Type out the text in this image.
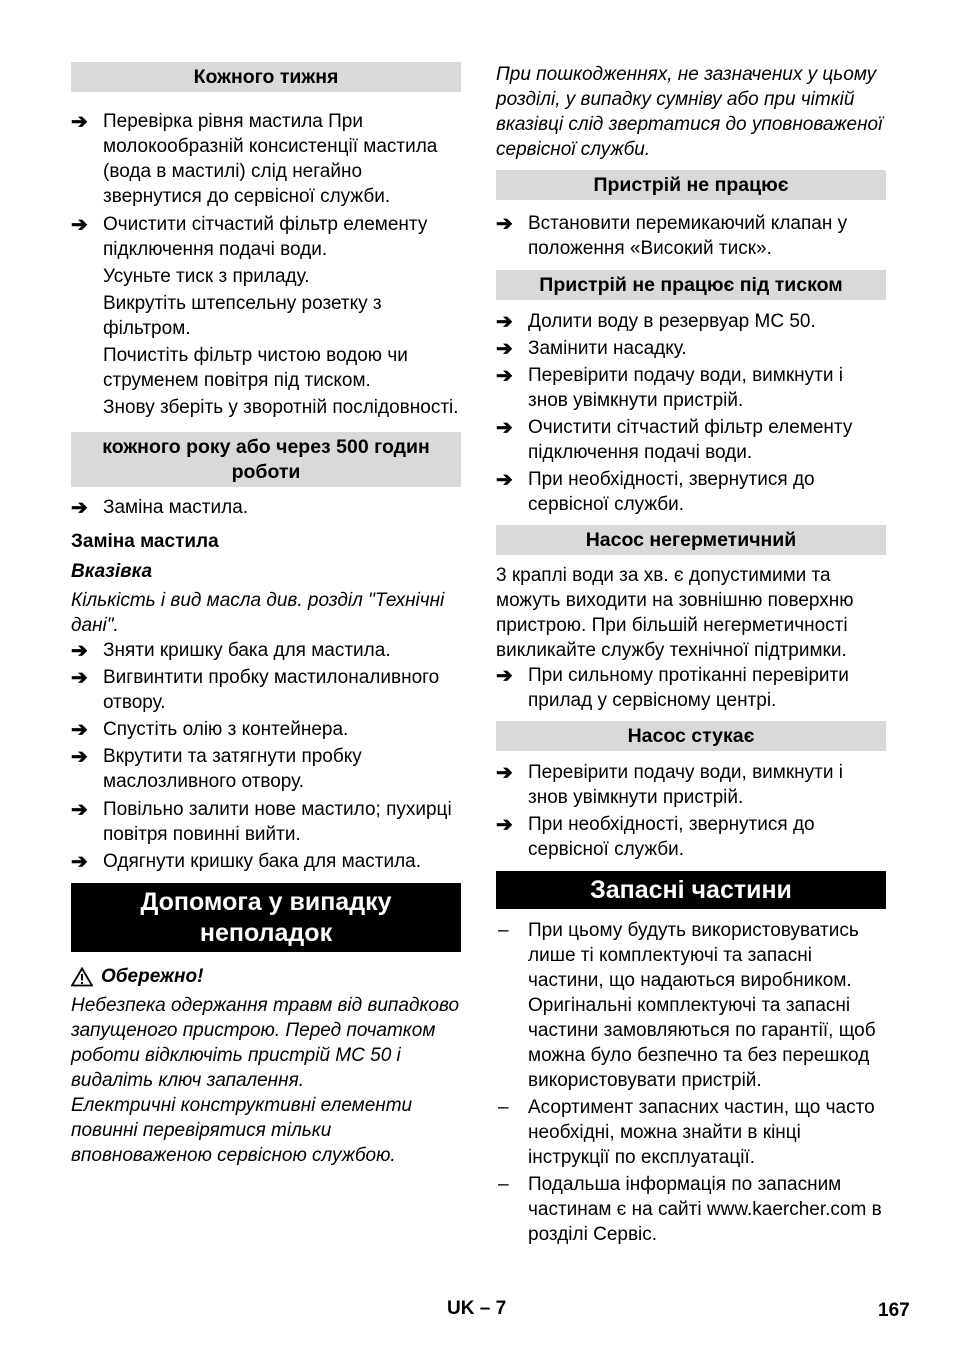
Кожного тижня
➔ Перевірка рівня мастила При молокообразній консистенції мастила (вода в мастилі) слід негайно звернутися до сервісної служби.
➔ Очистити сітчастий фільтр елементу підключення подачі води.
Усуньте тиск з приладу.
Викрутіть штепсельну розетку з фільтром.
Почистіть фільтр чистою водою чи струменем повітря під тиском.
Знову зберіть у зворотній послідовності.
кожного року або через 500 годин роботи
➔ Заміна мастила.
Заміна мастила
Вказівка
Кількість і вид масла див. розділ "Технічні дані".
➔ Зняти кришку бака для мастила.
➔ Вигвинтити пробку мастилоналивного отвору.
➔ Спустіть олію з контейнера.
➔ Вкрутити та затягнути пробку маслозливного отвору.
➔ Повільно залити нове мастило; пухирці повітря повинні вийти.
➔ Одягнути кришку бака для мастила.
Допомога у випадку неполадок
Обережно!
Небезпека одержання травм від випадково запущеного пристрою. Перед початком роботи відключіть пристрій MC 50 і видаліть ключ запалення.
Електричні конструктивні елементи повинні перевірятися тільки вповноваженою сервісною службою.
При пошкодженнях, не зазначених у цьому розділі, у випадку сумніву або при чіткій вказівці слід звертатися до уповноваженої сервісної служби.
Пристрій не працює
➔ Встановити перемикаючий клапан у положення «Високий тиск».
Пристрій не працює під тиском
➔ Долити воду в резервуар MC 50.
➔ Замінити насадку.
➔ Перевірити подачу води, вимкнути і знов увімкнути пристрій.
➔ Очистити сітчастий фільтр елементу підключення подачі води.
➔ При необхідності, звернутися до сервісної служби.
Насос негерметичний
3 краплі води за хв. є допустимими та можуть виходити на зовнішню поверхню пристрою. При більшій негерметичності викликайте службу технічної підтримки.
➔ При сильному протіканні перевірити прилад у сервісному центрі.
Насос стукає
➔ Перевірити подачу води, вимкнути і знов увімкнути пристрій.
➔ При необхідності, звернутися до сервісної служби.
Запасні частини
–	При цьому будуть використовуватись лише ті комплектуючі та запасні частини, що надаються виробником. Оригінальні комплектуючі та запасні частини замовляються по гарантії, щоб можна було безпечно та без перешкод використовувати пристрій.
–	Асортимент запасних частин, що часто необхідні, можна знайти в кінці інструкції по експлуатації.
–	Подальша інформація по запасним частинам є на сайті www.kaercher.com в розділі Сервіс.
UK – 7	167
